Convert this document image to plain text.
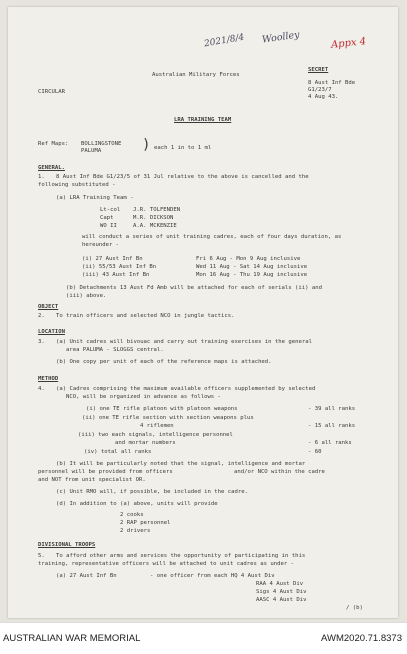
2021/8/4 Woolley	Appx 4
Australian Military Forces
SECRET
CIRCULAR
8 Aust Inf Bde
G1/23/7
4 Aug 43.
LRA TRAINING TEAM
Ref Maps: BOLLINGSTONE
PALUMA	) each 1 in to 1 ml
GENERAL.
1. 8 Aust Inf Bde G1/23/5 of 31 Jul relative to the above is cancelled and the
following substituted -
(a) LRA Training Team -
Lt-col J.R. TOLFENDEN
Capt	M.R. DICKSON
WO II	A.A. MCKENZIE
will conduct a series of unit training cadres, each of four days duration, as
hereunder -
(i) 27 Aust Inf Bn	Fri 6 Aug - Mon 9 Aug inclusive
(ii) 55/53 Aust Inf Bn	Wed 11 Aug - Sat 14 Aug inclusive
(iii) 43 Aust Inf Bn	Mon 16 Aug - Thu 19 Aug inclusive
(b) Detachments 13 Aust Fd Amb will be attached for each of serials (ii) and
(iii) above.
OBJECT
2. To train officers and selected NCO in jungle tactics.
LOCATION
3. (a) Unit cadres will bivouac and carry out training exercises in the general
area PALUMA - SLOGGS central.
(b) One copy per unit of each of the reference maps is attached.
METHOD
4. (a) Cadres comprising the maximum available officers supplemented by selected
NCO, will be organized in advance as follows -
(i) one TE rifle platoon with platoon weapons	- 39 all ranks
(ii) one TE rifle section with section weapons plus
4 riflemen	- 15 all ranks
(iii) two each signals, intelligence personnel
and mortar numbers	- 6 all ranks
(iv) total all ranks	- 60
(b) It will be particularly noted that the signal, intelligence and mortar
personnel will be provided from officers	and/or NCO within the cadre
and NOT from unit specialist OR.
(c) Unit RMO will, if possible, be included in the cadre.
(d) In addition to (a) above, units will provide
2 cooks
2 RAP personnel
2 drivers
DIVISIONAL TROOPS
5. To afford other arms and services the opportunity of participating in this
training, representative officers will be attached to unit cadres as under -
(a) 27 Aust Inf Bn	- one officer from each HQ 4 Aust Div
RAA 4 Aust Div
Sigs 4 Aust Div
AASC 4 Aust Div
/ (b)
AUSTRALIAN WAR MEMORIAL	AWM2020.71.8373
